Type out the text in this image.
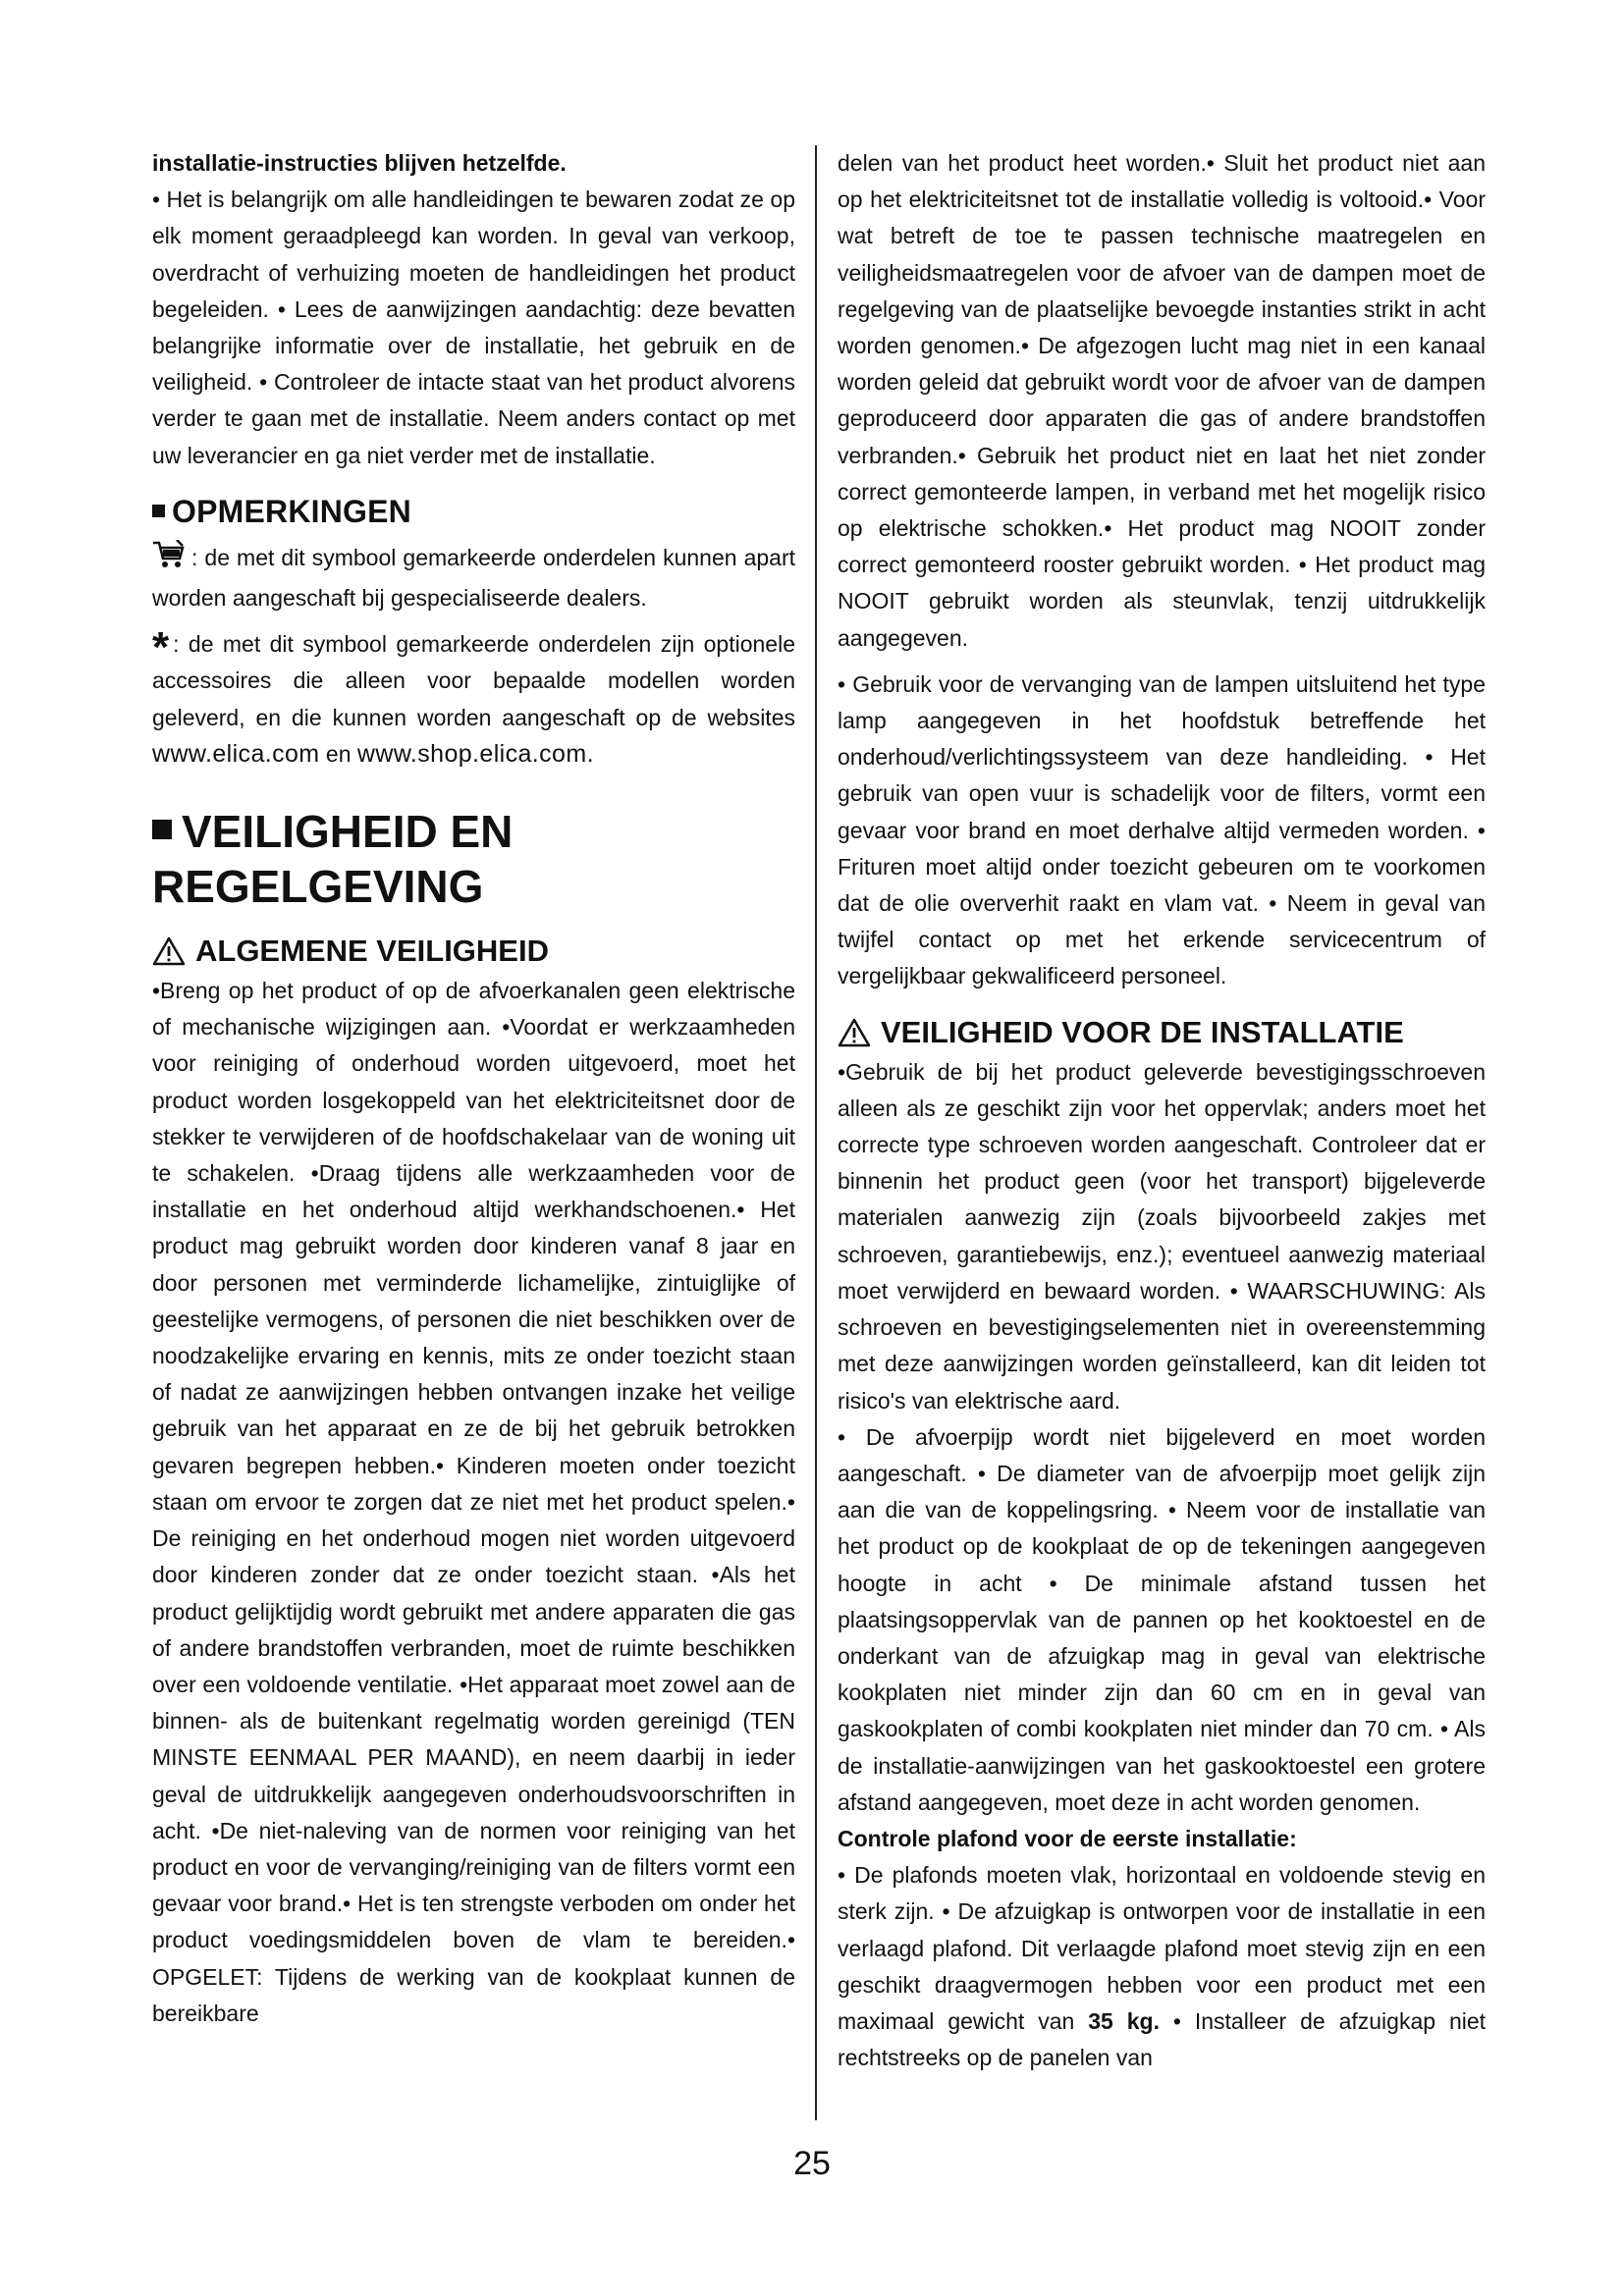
installatie-instructies blijven hetzelfde.

• Het is belangrijk om alle handleidingen te bewaren zodat ze op elk moment geraadpleegd kan worden. In geval van verkoop, overdracht of verhuizing moeten de handleidingen het product begeleiden. • Lees de aanwijzingen aandachtig: deze bevatten belangrijke informatie over de installatie, het gebruik en de veiligheid. • Controleer de intacte staat van het product alvorens verder te gaan met de installatie. Neem anders contact op met uw leverancier en ga niet verder met de installatie.

OPMERKINGEN

: de met dit symbool gemarkeerde onderdelen kunnen apart worden aangeschaft bij gespecialiseerde dealers.

* : de met dit symbool gemarkeerde onderdelen zijn optionele accessoires die alleen voor bepaalde modellen worden geleverd, en die kunnen worden aangeschaft op de websites www.elica.com en www.shop.elica.com.

VEILIGHEID EN
REGELGEVING
ALGEMENE VEILIGHEID

•Breng op het product of op de afvoerkanalen geen elektrische of mechanische wijzigingen aan. •Voordat er werkzaamheden voor reiniging of onderhoud worden uitgevoerd, moet het product worden losgekoppeld van het elektriciteitsnet door de stekker te verwijderen of de hoofdschakelaar van de woning uit te schakelen. •Draag tijdens alle werkzaamheden voor de installatie en het onderhoud altijd werkhandschoenen.• Het product mag gebruikt worden door kinderen vanaf 8 jaar en door personen met verminderde lichamelijke, zintuiglijke of geestelijke vermogens, of personen die niet beschikken over de noodzakelijke ervaring en kennis, mits ze onder toezicht staan of nadat ze aanwijzingen hebben ontvangen inzake het veilige gebruik van het apparaat en ze de bij het gebruik betrokken gevaren begrepen hebben.• Kinderen moeten onder toezicht staan om ervoor te zorgen dat ze niet met het product spelen.• De reiniging en het onderhoud mogen niet worden uitgevoerd door kinderen zonder dat ze onder toezicht staan. •Als het product gelijktijdig wordt gebruikt met andere apparaten die gas of andere brandstoffen verbranden, moet de ruimte beschikken over een voldoende ventilatie. •Het apparaat moet zowel aan de binnen- als de buitenkant regelmatig worden gereinigd (TEN MINSTE EENMAAL PER MAAND), en neem daarbij in ieder geval de uitdrukkelijk aangegeven onderhoudsvoorschriften in acht. •De niet-naleving van de normen voor reiniging van het product en voor de vervanging/reiniging van de filters vormt een gevaar voor brand.• Het is ten strengste verboden om onder het product voedingsmiddelen boven de vlam te bereiden.• OPGELET: Tijdens de werking van de kookplaat kunnen de bereikbare

delen van het product heet worden.• Sluit het product niet aan op het elektriciteitsnet tot de installatie volledig is voltooid.• Voor wat betreft de toe te passen technische maatregelen en veiligheidsmaatregelen voor de afvoer van de dampen moet de regelgeving van de plaatselijke bevoegde instanties strikt in acht worden genomen.• De afgezogen lucht mag niet in een kanaal worden geleid dat gebruikt wordt voor de afvoer van de dampen geproduceerd door apparaten die gas of andere brandstoffen verbranden.• Gebruik het product niet en laat het niet zonder correct gemonteerde lampen, in verband met het mogelijk risico op elektrische schokken.• Het product mag NOOIT zonder correct gemonteerd rooster gebruikt worden. • Het product mag NOOIT gebruikt worden als steunvlak, tenzij uitdrukkelijk aangegeven.

• Gebruik voor de vervanging van de lampen uitsluitend het type lamp aangegeven in het hoofdstuk betreffende het onderhoud/verlichtingssysteem van deze handleiding. • Het gebruik van open vuur is schadelijk voor de filters, vormt een gevaar voor brand en moet derhalve altijd vermeden worden. • Frituren moet altijd onder toezicht gebeuren om te voorkomen dat de olie oververhit raakt en vlam vat. • Neem in geval van twijfel contact op met het erkende servicecentrum of vergelijkbaar gekwalificeerd personeel.

VEILIGHEID VOOR DE INSTALLATIE

•Gebruik de bij het product geleverde bevestigingsschroeven alleen als ze geschikt zijn voor het oppervlak; anders moet het correcte type schroeven worden aangeschaft. Controleer dat er binnenin het product geen (voor het transport) bijgeleverde materialen aanwezig zijn (zoals bijvoorbeeld zakjes met schroeven, garantiebewijs, enz.); eventueel aanwezig materiaal moet verwijderd en bewaard worden. • WAARSCHUWING: Als schroeven en bevestigingselementen niet in overeenstemming met deze aanwijzingen worden geïnstalleerd, kan dit leiden tot risico's van elektrische aard.

• De afvoerpijp wordt niet bijgeleverd en moet worden aangeschaft. • De diameter van de afvoerpijp moet gelijk zijn aan die van de koppelingsring. • Neem voor de installatie van het product op de kookplaat de op de tekeningen aangegeven hoogte in acht • De minimale afstand tussen het plaatsingsoppervlak van de pannen op het kooktoestel en de onderkant van de afzuigkap mag in geval van elektrische kookplaten niet minder zijn dan 60 cm en in geval van gaskookplaten of combi kookplaten niet minder dan 70 cm. • Als de installatie-aanwijzingen van het gaskooktoestel een grotere afstand aangegeven, moet deze in acht worden genomen.

Controle plafond voor de eerste installatie:

• De plafonds moeten vlak, horizontaal en voldoende stevig en sterk zijn. • De afzuigkap is ontworpen voor de installatie in een verlaagd plafond. Dit verlaagde plafond moet stevig zijn en een geschikt draagvermogen hebben voor een product met een maximaal gewicht van 35 kg. • Installeer de afzuigkap niet rechtstreeks op de panelen van

25
